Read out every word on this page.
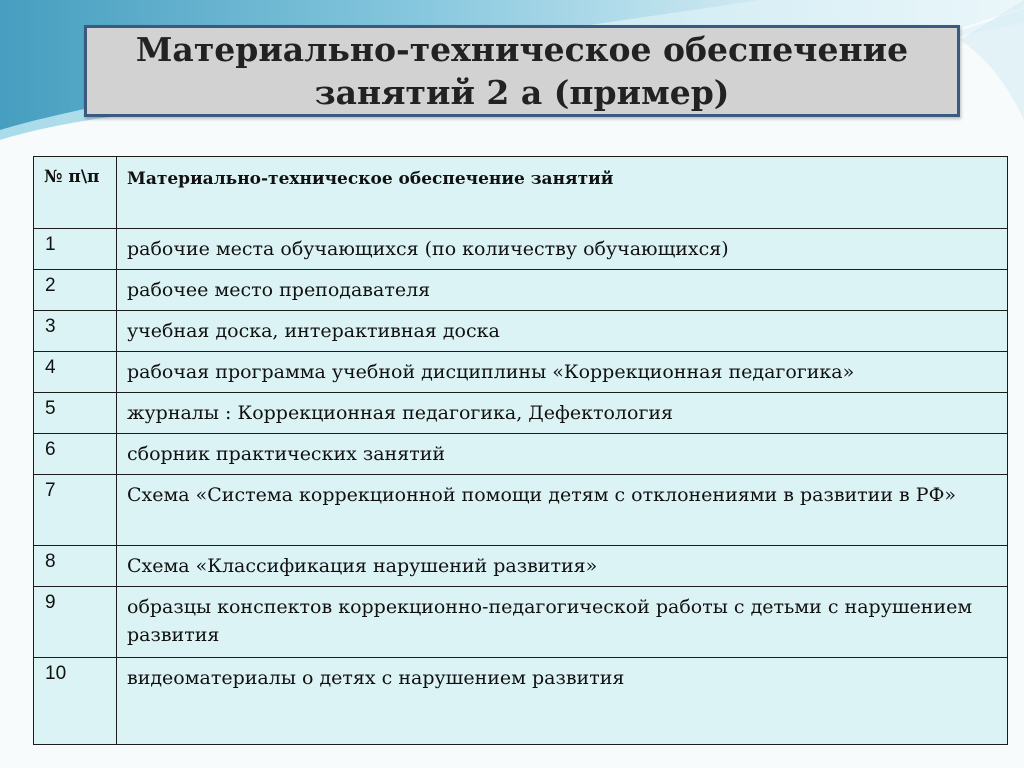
Материально-техническое обеспечение
занятий 2 а (пример)
№ п\п	Материально-техническое обеспечение занятий
1	рабочие места обучающихся (по количеству обучающихся)
2	рабочее место преподавателя
3	учебная доска, интерактивная доска
4	рабочая программа учебной дисциплины «Коррекционная педагогика»
5	журналы : Коррекционная педагогика, Дефектология
6	сборник практических занятий
7	Схема «Система коррекционной помощи детям с отклонениями в развитии в РФ»
8	Схема «Классификация нарушений развития»
9	образцы конспектов коррекционно-педагогической работы с детьми с нарушением развития
10	видеоматериалы о детях с нарушением развития
